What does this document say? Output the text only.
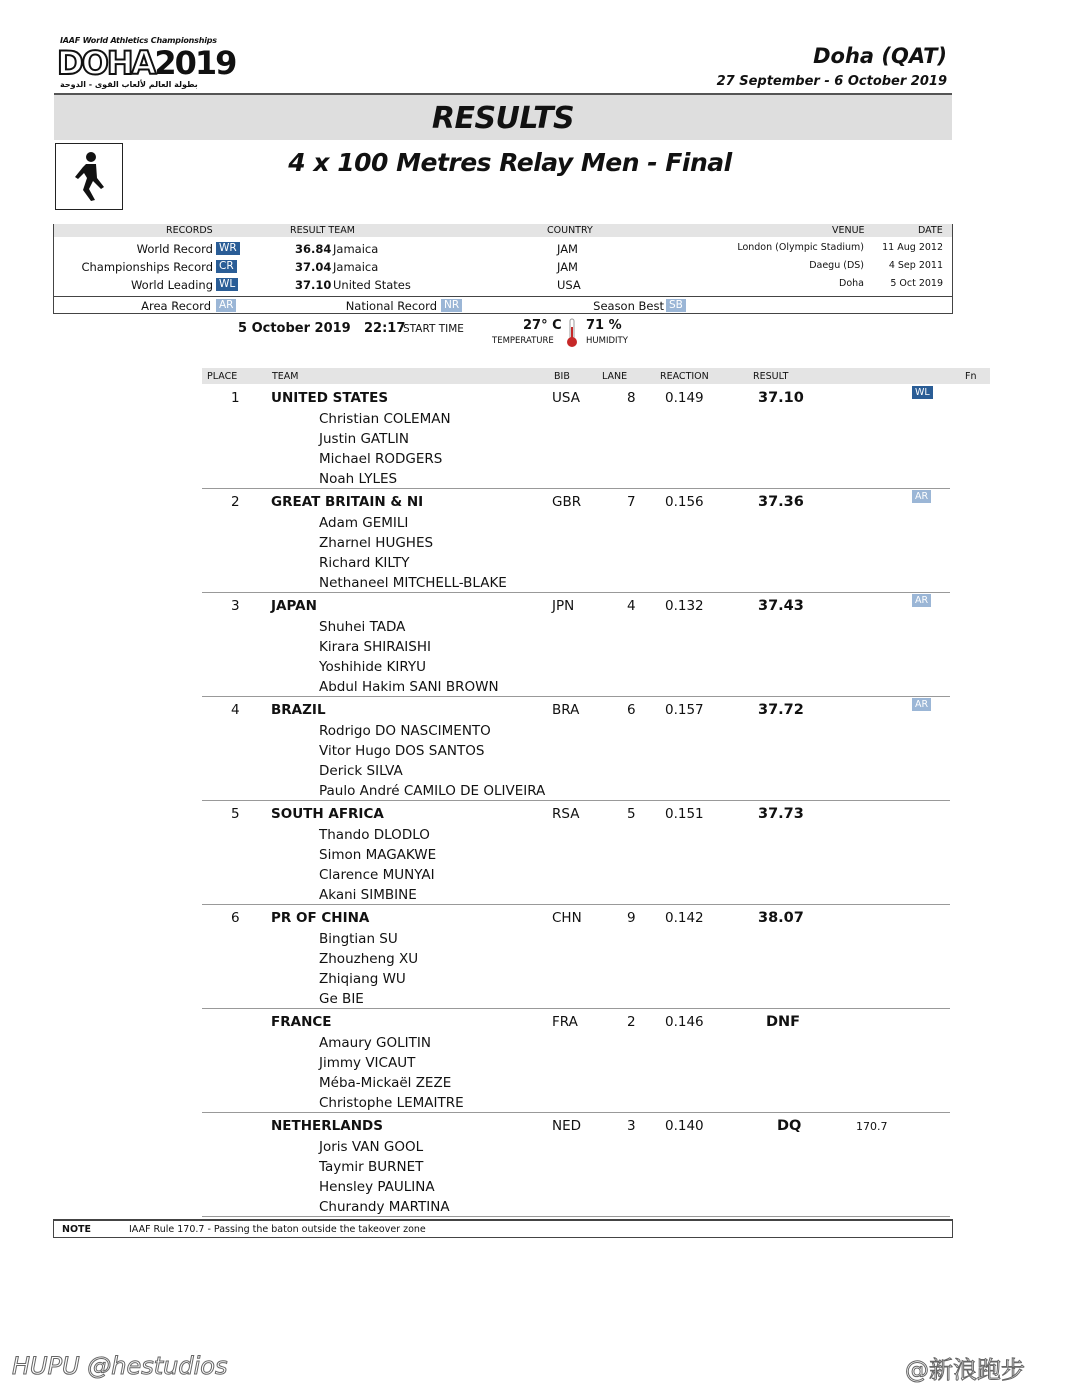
IAAF World Athletics Championships
DOHA2019
بطولة العالم لألعاب القوى - الدوحة
Doha (QAT)
27 September - 6 October 2019
RESULTS
4 x 100 Metres Relay Men - Final
RECORDS	RESULT TEAM	COUNTRY	VENUE	DATE
World Record WR	36.84 Jamaica	JAM	London (Olympic Stadium) 11 Aug 2012
Championships Record CR	37.04 Jamaica	JAM	Daegu (DS)	4 Sep 2011
World Leading WL	37.10 United States	USA	Doha	5 Oct 2019
Area Record AR	National Record NR	Season Best SB
5 October 2019 22:17
START TIME	27° C
TEMPERATURE
71 %
HUMIDITY
PLACE	TEAM	BIB	LANE	REACTION	RESULT	Fn
1 UNITED STATES	USA	8 0.149	37.10	WL
Christian COLEMAN
Justin GATLIN
Michael RODGERS
Noah LYLES
2 GREAT BRITAIN & NI	GBR	7 0.156	37.36	AR
Adam GEMILI
Zharnel HUGHES
Richard KILTY
Nethaneel MITCHELL-BLAKE
3 JAPAN	JPN	4 0.132	37.43	AR
Shuhei TADA
Kirara SHIRAISHI
Yoshihide KIRYU
Abdul Hakim SANI BROWN
4 BRAZIL	BRA	6 0.157	37.72	AR
Rodrigo DO NASCIMENTO
Vitor Hugo DOS SANTOS
Derick SILVA
Paulo André CAMILO DE OLIVEIRA
5 SOUTH AFRICA	RSA	5 0.151	37.73
Thando DLODLO
Simon MAGAKWE
Clarence MUNYAI
Akani SIMBINE
6 PR OF CHINA	CHN	9 0.142	38.07
Bingtian SU
Zhouzheng XU
Zhiqiang WU
Ge BIE
FRANCE	FRA	2 0.146	DNF
Amaury GOLITIN
Jimmy VICAUT
Méba-Mickaël ZEZE
Christophe LEMAITRE
NETHERLANDS	NED	3 0.140	DQ	170.7
Joris VAN GOOL
Taymir BURNET
Hensley PAULINA
Churandy MARTINA
NOTE	IAAF Rule 170.7 - Passing the baton outside the takeover zone
HUPU @hestudios	@新浪跑步
